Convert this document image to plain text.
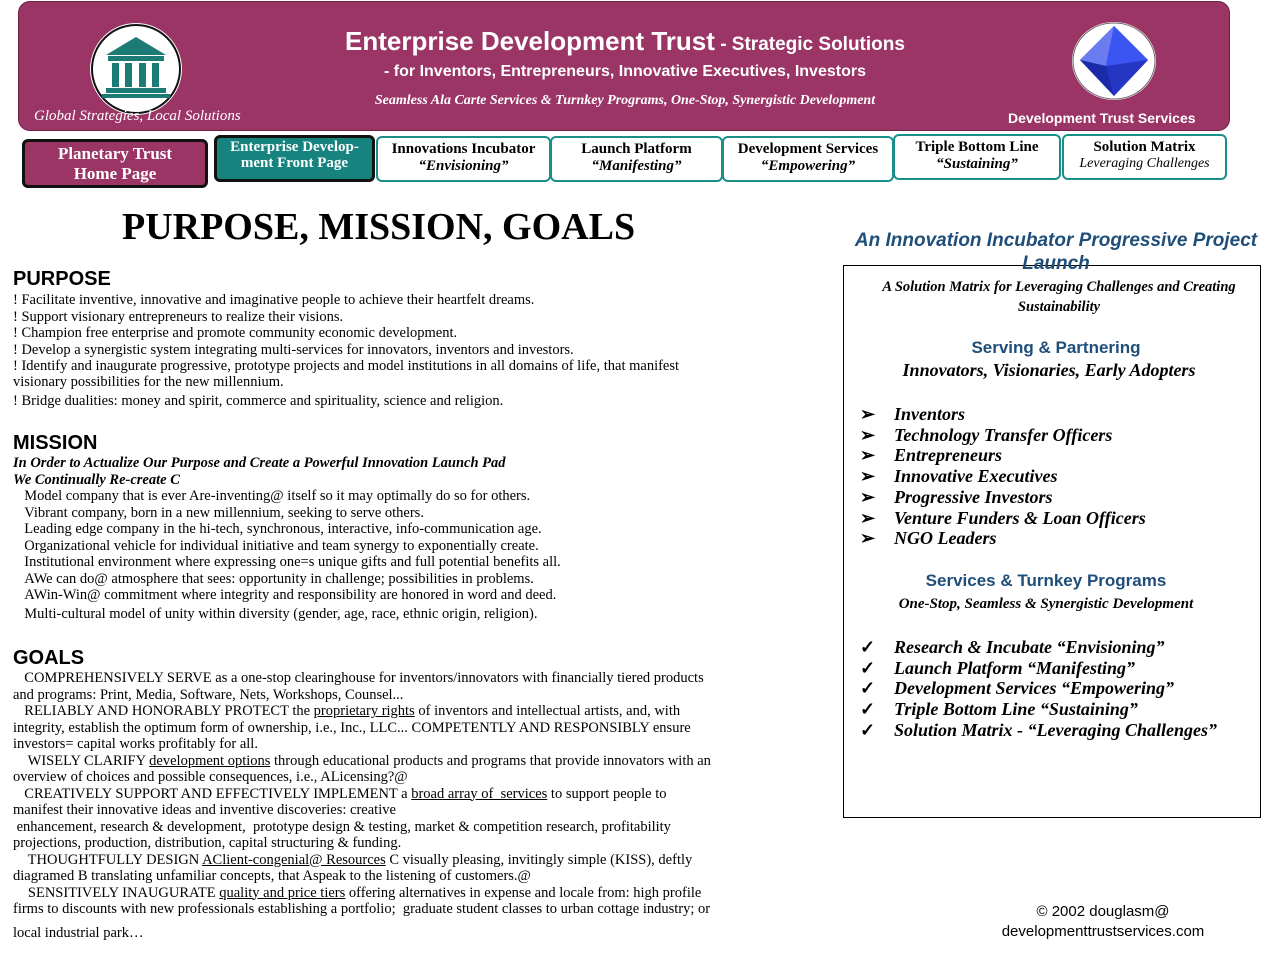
Enterprise Development Trust - Strategic Solutions
- for Inventors, Entrepreneurs, Innovative Executives, Investors
Seamless Ala Carte Services & Turnkey Programs, One-Stop, Synergistic Development
Global Strategies, Local Solutions	Development Trust Services
Planetary Trust
Home Page
Enterprise Develop-
ment Front Page
Innovations Incubator
“Envisioning”
Launch Platform
“Manifesting”
Development Services
“Empowering”
Triple Bottom Line
“Sustaining”
Solution Matrix
Leveraging Challenges
PURPOSE, MISSION, GOALS
PURPOSE
! Facilitate inventive, innovative and imaginative people to achieve their heartfelt dreams.
! Support visionary entrepreneurs to realize their visions.
! Champion free enterprise and promote community economic development.
! Develop a synergistic system integrating multi-services for innovators, inventors and investors.
! Identify and inaugurate progressive, prototype projects and model institutions in all domains of life, that manifest
visionary possibilities for the new millennium.
! Bridge dualities: money and spirit, commerce and spirituality, science and religion.
MISSION
In Order to Actualize Our Purpose and Create a Powerful Innovation Launch Pad
We Continually Re-create C
 Model company that is ever Are-inventing@ itself so it may optimally do so for others.
 Vibrant company, born in a new millennium, seeking to serve others.
 Leading edge company in the hi-tech, synchronous, interactive, info-communication age.
 Organizational vehicle for individual initiative and team synergy to exponentially create.
 Institutional environment where expressing one=s unique gifts and full potential benefits all.
 AWe can do@ atmosphere that sees: opportunity in challenge; possibilities in problems.
 AWin-Win@ commitment where integrity and responsibility are honored in word and deed.
 Multi-cultural model of unity within diversity (gender, age, race, ethnic origin, religion).
GOALS
 COMPREHENSIVELY SERVE as a one-stop clearinghouse for inventors/innovators with financially tiered products
and programs: Print, Media, Software, Nets, Workshops, Counsel...
 RELIABLY AND HONORABLY PROTECT the proprietary rights of inventors and intellectual artists, and, with
integrity, establish the optimum form of ownership, i.e., Inc., LLC... COMPETENTLY AND RESPONSIBLY ensure
investors= capital works profitably for all.
  WISELY CLARIFY development options through educational products and programs that provide innovators with an
overview of choices and possible consequences, i.e., ALicensing?@
 CREATIVELY SUPPORT AND EFFECTIVELY IMPLEMENT a broad array of  services to support people to
manifest their innovative ideas and inventive discoveries: creative
enhancement, research & development,  prototype design & testing, market & competition research, profitability
projections, production, distribution, capital structuring & funding.
  THOUGHTFULLY DESIGN AClient-congenial@ Resources C visually pleasing, invitingly simple (KISS), deftly
diagramed B translating unfamiliar concepts, that Aspeak to the listening of customers.@
  SENSITIVELY INAUGURATE quality and price tiers offering alternatives in expense and locale from: high profile
firms to discounts with new professionals establishing a portfolio;  graduate student classes to urban cottage industry; or
local industrial park…
An Innovation Incubator Progressive Project Launch
A Solution Matrix for Leveraging Challenges and Creating Sustainability
Serving & Partnering
Innovators, Visionaries, Early Adopters
➢ Inventors
➢ Technology Transfer Officers
➢ Entrepreneurs
➢ Innovative Executives
➢ Progressive Investors
➢ Venture Funders & Loan Officers
➢ NGO Leaders
Services & Turnkey Programs
One-Stop, Seamless & Synergistic Development
✓ Research & Incubate “Envisioning”
✓ Launch Platform “Manifesting”
✓ Development Services “Empowering”
✓ Triple Bottom Line “Sustaining”
✓ Solution Matrix - “Leveraging Challenges”
© 2002 douglasm@
developmenttrustservices.com
